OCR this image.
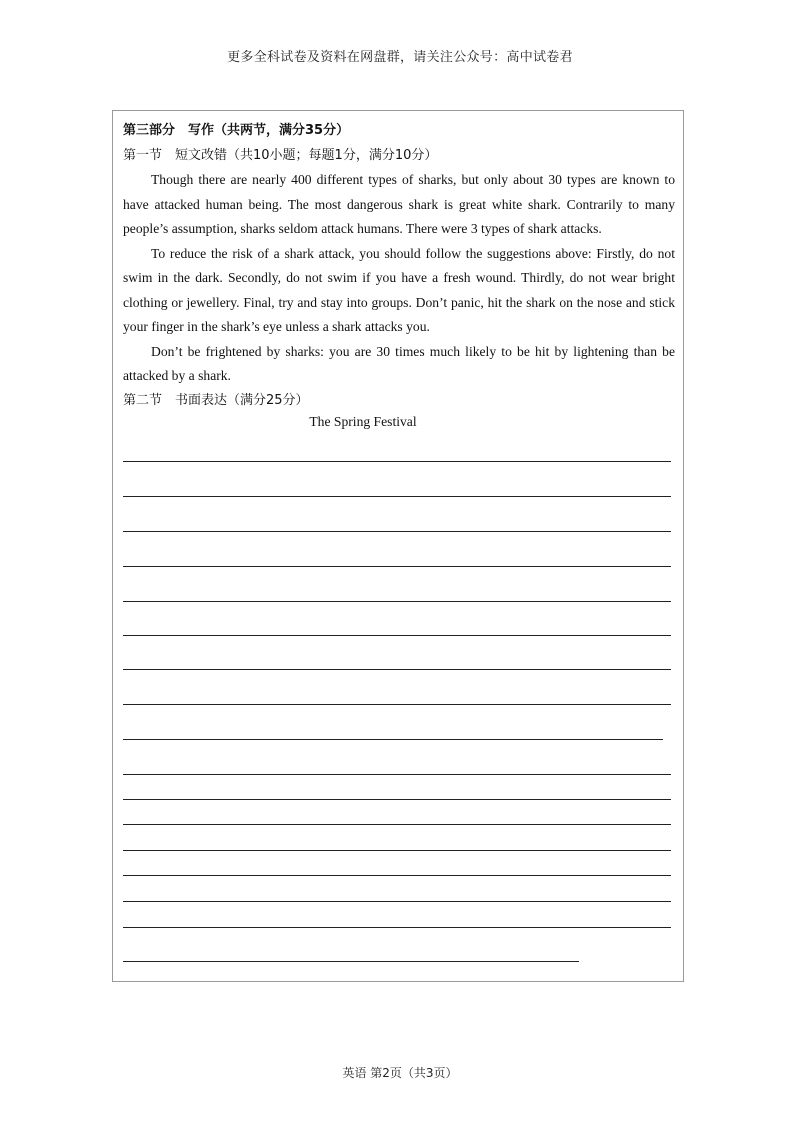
更多全科试卷及资料在网盘群，请关注公众号：高中试卷君
第三部分　写作（共两节，满分35分）
第一节　短文改错（共10小题；每题1分，满分10分）

Though there are nearly 400 different types of sharks, but only about 30 types are known to have attacked human being. The most dangerous shark is great white shark. Contrarily to many people’s assumption, sharks seldom attack humans. There were 3 types of shark attacks.

To reduce the risk of a shark attack, you should follow the suggestions above: Firstly, do not swim in the dark. Secondly, do not swim if you have a fresh wound. Thirdly, do not wear bright clothing or jewellery. Final, try and stay into groups. Don’t panic, hit the shark on the nose and stick your finger in the shark’s eye unless a shark attacks you.

Don’t be frightened by sharks: you are 30 times much likely to be hit by lightening than be attacked by a shark.

第二节　书面表达（满分25分）
The Spring Festival
英语 第2页（共3页）
